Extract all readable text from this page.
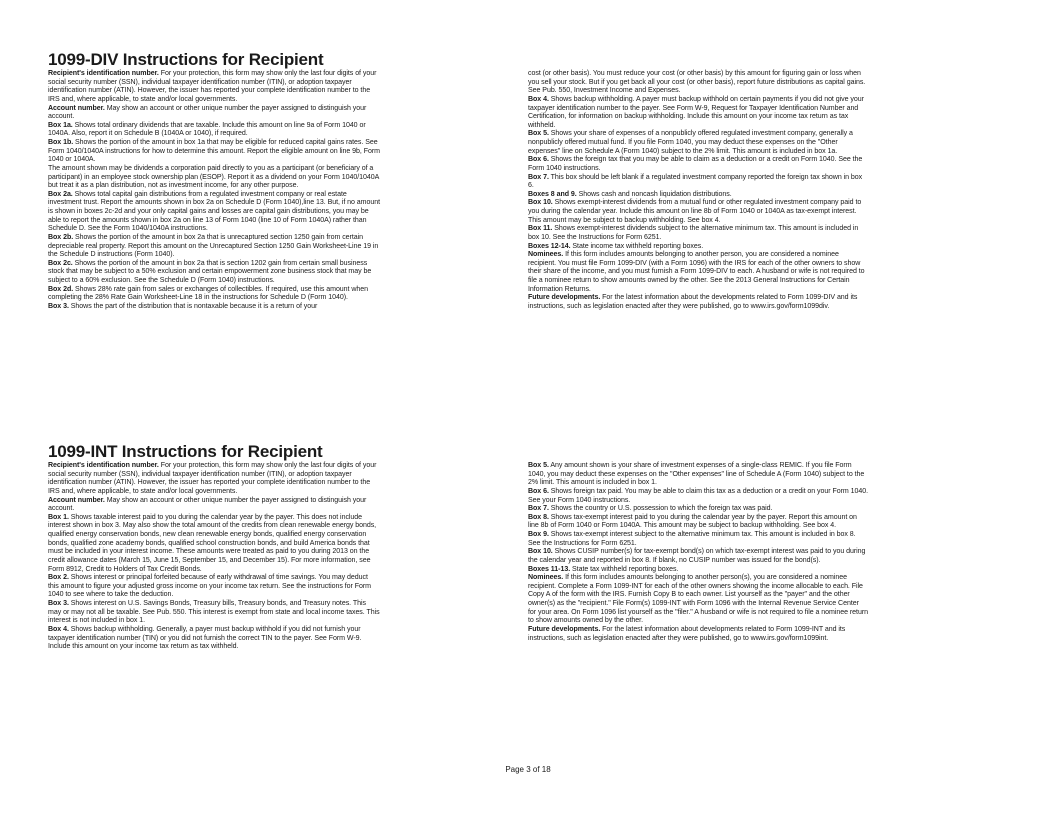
1099-DIV Instructions for Recipient

Recipient's identification number. For your protection, this form may show only the last four digits of your social security number (SSN), individual taxpayer identification number (ITIN), or adoption taxpayer identification number (ATIN). However, the issuer has reported your complete identification number to the IRS and, where applicable, to state and/or local governments.

Account number. May show an account or other unique number the payer assigned to distinguish your account.

Box 1a. Shows total ordinary dividends that are taxable. Include this amount on line 9a of Form 1040 or 1040A. Also, report it on Schedule B (1040A or 1040), if required.

Box 1b. Shows the portion of the amount in box 1a that may be eligible for reduced capital gains rates. See Form 1040/1040A instructions for how to determine this amount. Report the eligible amount on line 9b, Form 1040 or 1040A.

The amount shown may be dividends a corporation paid directly to you as a participant (or beneficiary of a participant) in an employee stock ownership plan (ESOP). Report it as a dividend on your Form 1040/1040A but treat it as a plan distribution, not as investment income, for any other purpose.

Box 2a. Shows total capital gain distributions from a regulated investment company or real estate investment trust. Report the amounts shown in box 2a on Schedule D (Form 1040),line 13. But, if no amount is shown in boxes 2c-2d and your only capital gains and losses are capital gain distributions, you may be able to report the amounts shown in box 2a on line 13 of Form 1040 (line 10 of Form 1040A) rather than Schedule D. See the Form 1040/1040A instructions.

Box 2b. Shows the portion of the amount in box 2a that is unrecaptured section 1250 gain from certain depreciable real property. Report this amount on the Unrecaptured Section 1250 Gain Worksheet-Line 19 in the Schedule D instructions (Form 1040).

Box 2c. Shows the portion of the amount in box 2a that is section 1202 gain from certain small business stock that may be subject to a 50% exclusion and certain empowerment zone business stock that may be subject to a 60% exclusion. See the Schedule D (Form 1040) instructions.

Box 2d. Shows 28% rate gain from sales or exchanges of collectibles. If required, use this amount when completing the 28% Rate Gain Worksheet-Line 18 in the instructions for Schedule D (Form 1040).

Box 3. Shows the part of the distribution that is nontaxable because it is a return of your

cost (or other basis). You must reduce your cost (or other basis) by this amount for figuring gain or loss when you sell your stock. But if you get back all your cost (or other basis), report future distributions as capital gains. See Pub. 550, Investment Income and Expenses.

Box 4. Shows backup withholding. A payer must backup withhold on certain payments if you did not give your taxpayer identification number to the payer. See Form W-9, Request for Taxpayer Identification Number and Certification, for information on backup withholding. Include this amount on your income tax return as tax withheld.

Box 5. Shows your share of expenses of a nonpublicly offered regulated investment company, generally a nonpublicly offered mutual fund. If you file Form 1040, you may deduct these expenses on the "Other expenses" line on Schedule A (Form 1040) subject to the 2% limit. This amount is included in box 1a.

Box 6. Shows the foreign tax that you may be able to claim as a deduction or a credit on Form 1040. See the Form 1040 instructions.

Box 7. This box should be left blank if a regulated investment company reported the foreign tax shown in box 6.

Boxes 8 and 9. Shows cash and noncash liquidation distributions.

Box 10. Shows exempt-interest dividends from a mutual fund or other regulated investment company paid to you during the calendar year. Include this amount on line 8b of Form 1040 or 1040A as tax-exempt interest. This amount may be subject to backup withholding. See box 4.

Box 11. Shows exempt-interest dividends subject to the alternative minimum tax. This amount is included in box 10. See the Instructions for Form 6251.

Boxes 12-14. State income tax withheld reporting boxes.

Nominees. If this form includes amounts belonging to another person, you are considered a nominee recipient. You must file Form 1099-DIV (with a Form 1096) with the IRS for each of the other owners to show their share of the income, and you must furnish a Form 1099-DIV to each. A husband or wife is not required to file a nominee return to show amounts owned by the other. See the 2013 General Instructions for Certain Information Returns.

Future developments. For the latest information about the developments related to Form 1099-DIV and its instructions, such as legislation enacted after they were published, go to www.irs.gov/form1099div.

1099-INT Instructions for Recipient

Recipient's identification number. For your protection, this form may show only the last four digits of your social security number (SSN), individual taxpayer identification number (ITIN), or adoption taxpayer identification number (ATIN). However, the issuer has reported your complete identification number to the IRS and, where applicable, to state and/or local governments.

Account number. May show an account or other unique number the payer assigned to distinguish your account.

Box 1. Shows taxable interest paid to you during the calendar year by the payer. This does not include interest shown in box 3. May also show the total amount of the credits from clean renewable energy bonds, qualified energy conservation bonds, new clean renewable energy bonds, qualified energy conservation bonds, qualified zone academy bonds, qualified school construction bonds, and build America bonds that must be included in your interest income. These amounts were treated as paid to you during 2013 on the credit allowance dates (March 15, June 15, September 15, and December 15). For more information, see Form 8912, Credit to Holders of Tax Credit Bonds.

Box 2. Shows interest or principal forfeited because of early withdrawal of time savings. You may deduct this amount to figure your adjusted gross income on your income tax return. See the instructions for Form 1040 to see where to take the deduction.

Box 3. Shows interest on U.S. Savings Bonds, Treasury bills, Treasury bonds, and Treasury notes. This may or may not all be taxable. See Pub. 550. This interest is exempt from state and local income taxes. This interest is not included in box 1.

Box 4. Shows backup withholding. Generally, a payer must backup withhold if you did not furnish your taxpayer identification number (TIN) or you did not furnish the correct TIN to the payer. See Form W-9. Include this amount on your income tax return as tax withheld.

Box 5. Any amount shown is your share of investment expenses of a single-class REMIC. If you file Form 1040, you may deduct these expenses on the "Other expenses" line of Schedule A (Form 1040) subject to the 2% limit. This amount is included in box 1.

Box 6. Shows foreign tax paid. You may be able to claim this tax as a deduction or a credit on your Form 1040. See your Form 1040 instructions.

Box 7. Shows the country or U.S. possession to which the foreign tax was paid.

Box 8. Shows tax-exempt interest paid to you during the calendar year by the payer. Report this amount on line 8b of Form 1040 or Form 1040A. This amount may be subject to backup withholding. See box 4.

Box 9. Shows tax-exempt interest subject to the alternative minimum tax. This amount is included in box 8. See the Instructions for Form 6251.

Box 10. Shows CUSIP number(s) for tax-exempt bond(s) on which tax-exempt interest was paid to you during the calendar year and reported in box 8. If blank, no CUSIP number was issued for the bond(s).

Boxes 11-13. State tax withheld reporting boxes.

Nominees. If this form includes amounts belonging to another person(s), you are considered a nominee recipient. Complete a Form 1099-INT for each of the other owners showing the income allocable to each. File Copy A of the form with the IRS. Furnish Copy B to each owner. List yourself as the "payer" and the other owner(s) as the "recipient." File Form(s) 1099-INT with Form 1096 with the Internal Revenue Service Center for your area. On Form 1096 list yourself as the "filer." A husband or wife is not required to file a nominee return to show amounts owned by the other.

Future developments. For the latest information about developments related to Form 1099-INT and its instructions, such as legislation enacted after they were published, go to www.irs.gov/form1099int.

Page 3 of 18
